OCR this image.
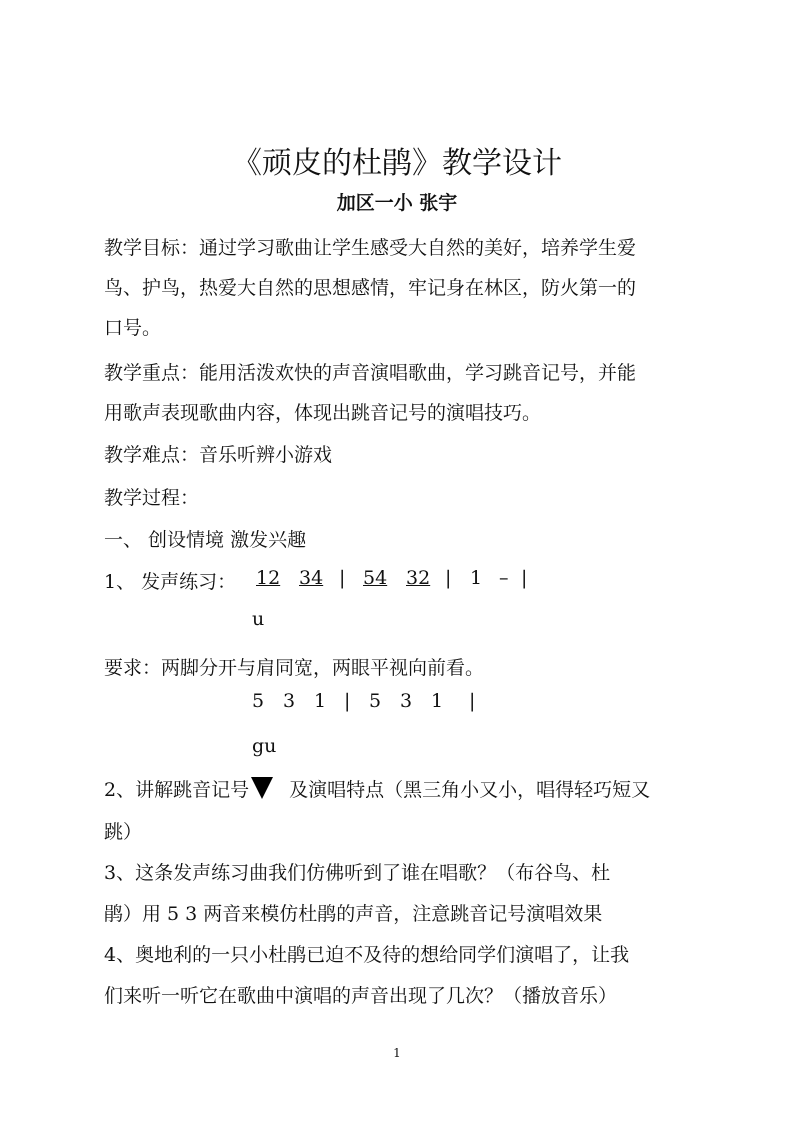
《顽皮的杜鹃》教学设计
加区一小 张宇
教学目标：通过学习歌曲让学生感受大自然的美好，培养学生爱
鸟、护鸟，热爱大自然的思想感情，牢记身在林区，防火第一的
口号。
教学重点：能用活泼欢快的声音演唱歌曲，学习跳音记号，并能
用歌声表现歌曲内容，体现出跳音记号的演唱技巧。
教学难点：音乐听辨小游戏
教学过程：
一、 创设情境 激发兴趣
1、 发声练习： 12 34 | 54 32 | 1 – |
u
要求：两脚分开与肩同宽，两眼平视向前看。
5 3 1 | 5 3 1 |
gu
2、讲解跳音记号 及演唱特点（黑三角小又小，唱得轻巧短又
跳）
3、这条发声练习曲我们仿佛听到了谁在唱歌？（布谷鸟、杜
鹃）用 5 3 两音来模仿杜鹃的声音，注意跳音记号演唱效果
4、奥地利的一只小杜鹃已迫不及待的想给同学们演唱了，让我
们来听一听它在歌曲中演唱的声音出现了几次？（播放音乐）
1
